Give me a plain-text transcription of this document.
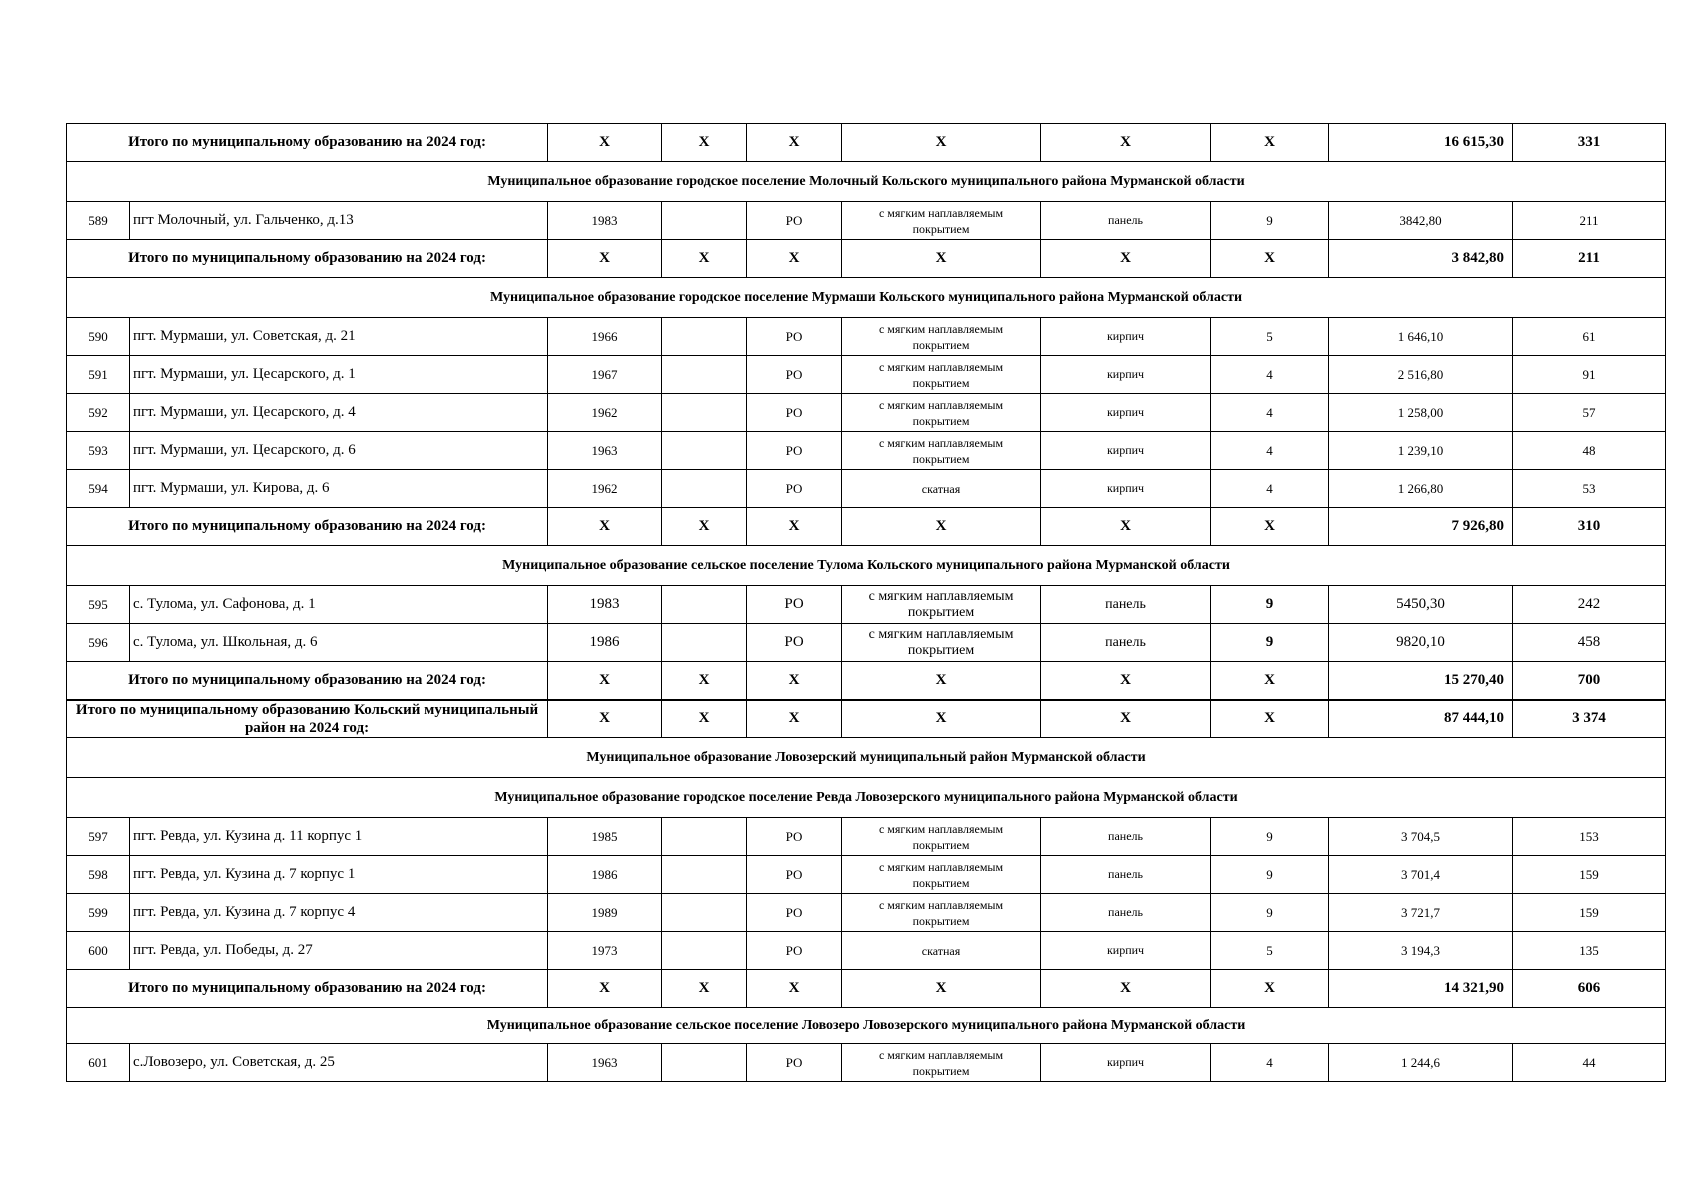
Итого по муниципальному образованию на 2024 год:		X	X	X	X	X	X	16 615,30	331
Муниципальное образование городское поселение Молочный Кольского муниципального района Мурманской области									
589	пгт Молочный, ул. Гальченко, д.13	1983		РО	с мягким наплавляемым покрытием	панель	9	3842,80	211
Итого по муниципальному образованию на 2024 год:		X	X	X	X	X	X	3 842,80	211
Муниципальное образование городское поселение Мурмаши Кольского муниципального района Мурманской области									
590	пгт. Мурмаши, ул. Советская, д. 21	1966		РО	с мягким наплавляемым покрытием	кирпич	5	1 646,10	61
591	пгт. Мурмаши, ул. Цесарского, д. 1	1967		РО	с мягким наплавляемым покрытием	кирпич	4	2 516,80	91
592	пгт. Мурмаши, ул. Цесарского, д. 4	1962		РО	с мягким наплавляемым покрытием	кирпич	4	1 258,00	57
593	пгт. Мурмаши, ул. Цесарского, д. 6	1963		РО	с мягким наплавляемым покрытием	кирпич	4	1 239,10	48
594	пгт. Мурмаши, ул. Кирова, д. 6	1962		РО	скатная	кирпич	4	1 266,80	53
Итого по муниципальному образованию на 2024 год:		X	X	X	X	X	X	7 926,80	310
Муниципальное образование сельское поселение Тулома Кольского муниципального района Мурманской области									
595	с. Тулома, ул. Сафонова, д. 1	1983		РО	с мягким наплавляемым покрытием	панель	9	5450,30	242
596	с. Тулома, ул. Школьная, д. 6	1986		РО	с мягким наплавляемым покрытием	панель	9	9820,10	458
Итого по муниципальному образованию на 2024 год:		X	X	X	X	X	X	15 270,40	700
Итого по муниципальному образованию Кольский муниципальный район на 2024 год:		X	X	X	X	X	X	87 444,10	3 374
Муниципальное образование Ловозерский муниципальный район Мурманской области									
Муниципальное образование городское поселение Ревда Ловозерского муниципального района Мурманской области									
597	пгт. Ревда, ул. Кузина д. 11 корпус 1	1985		РО	с мягким наплавляемым покрытием	панель	9	3 704,5	153
598	пгт. Ревда, ул. Кузина д. 7 корпус 1	1986		РО	с мягким наплавляемым покрытием	панель	9	3 701,4	159
599	пгт. Ревда, ул. Кузина д. 7 корпус 4	1989		РО	с мягким наплавляемым покрытием	панель	9	3 721,7	159
600	пгт. Ревда, ул. Победы, д. 27	1973		РО	скатная	кирпич	5	3 194,3	135
Итого по муниципальному образованию на 2024 год:		X	X	X	X	X	X	14 321,90	606
Муниципальное образование сельское поселение Ловозеро Ловозерского муниципального района Мурманской области									
601	с.Ловозеро, ул. Советская, д. 25	1963		РО	с мягким наплавляемым покрытием	кирпич	4	1 244,6	44
